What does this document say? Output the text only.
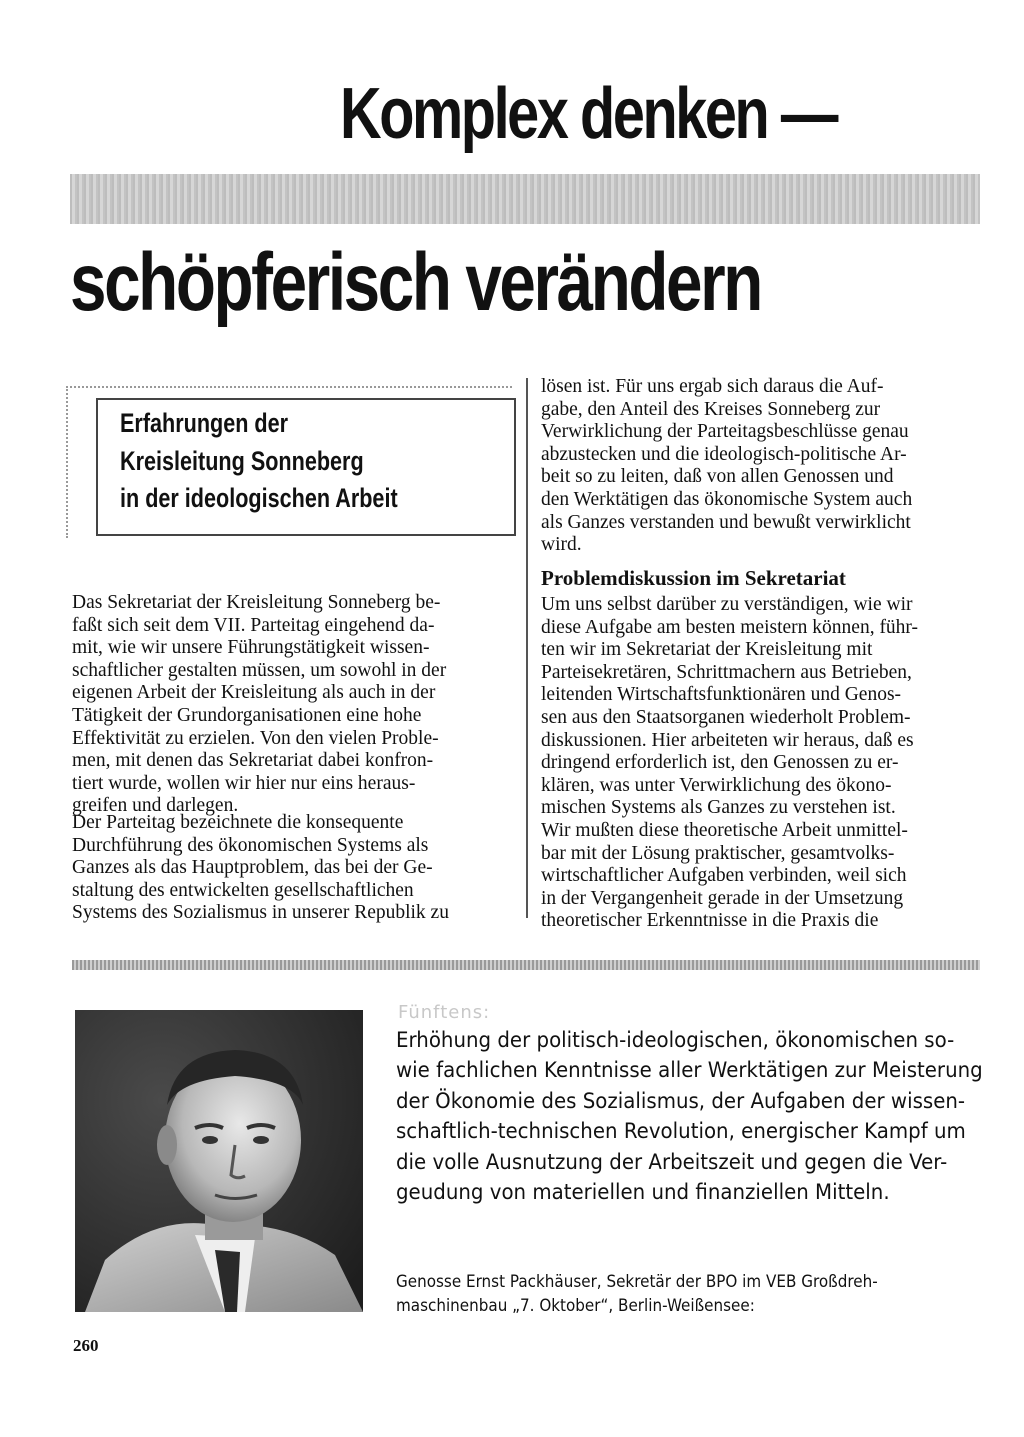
Komplex denken —
schöpferisch verändern
Erfahrungen der
Kreisleitung Sonneberg
in der ideologischen Arbeit
Das Sekretariat der Kreisleitung Sonneberg be-
faßt sich seit dem VII. Parteitag eingehend da-
mit, wie wir unsere Führungstätigkeit wissen-
schaftlicher gestalten müssen, um sowohl in der
eigenen Arbeit der Kreisleitung als auch in der
Tätigkeit der Grundorganisationen eine hohe
Effektivität zu erzielen. Von den vielen Proble-
men, mit denen das Sekretariat dabei konfron-
tiert wurde, wollen wir hier nur eins heraus-
greifen und darlegen.
Der Parteitag bezeichnete die konsequente
Durchführung des ökonomischen Systems als
Ganzes als das Hauptproblem, das bei der Ge-
staltung des entwickelten gesellschaftlichen
Systems des Sozialismus in unserer Republik zu
lösen ist. Für uns ergab sich daraus die Auf-
gabe, den Anteil des Kreises Sonneberg zur
Verwirklichung der Parteitagsbeschlüsse genau
abzustecken und die ideologisch-politische Ar-
beit so zu leiten, daß von allen Genossen und
den Werktätigen das ökonomische System auch
als Ganzes verstanden und bewußt verwirklicht
wird.
Problemdiskussion im Sekretariat
Um uns selbst darüber zu verständigen, wie wir
diese Aufgabe am besten meistern können, führ-
ten wir im Sekretariat der Kreisleitung mit
Parteisekretären, Schrittmachern aus Betrieben,
leitenden Wirtschaftsfunktionären und Genos-
sen aus den Staatsorganen wiederholt Problem-
diskussionen. Hier arbeiteten wir heraus, daß es
dringend erforderlich ist, den Genossen zu er-
klären, was unter Verwirklichung des ökono-
mischen Systems als Ganzes zu verstehen ist.
Wir mußten diese theoretische Arbeit unmittel-
bar mit der Lösung praktischer, gesamtvolks-
wirtschaftlicher Aufgaben verbinden, weil sich
in der Vergangenheit gerade in der Umsetzung
theoretischer Erkenntnisse in die Praxis die
Fünftens:
Erhöhung der politisch-ideologischen, ökonomischen so-
wie fachlichen Kenntnisse aller Werktätigen zur Meisterung
der Ökonomie des Sozialismus, der Aufgaben der wissen-
schaftlich-technischen Revolution, energischer Kampf um
die volle Ausnutzung der Arbeitszeit und gegen die Ver-
geudung von materiellen und finanziellen Mitteln.
Genosse Ernst Packhäuser, Sekretär der BPO im VEB Großdreh-
maschinenbau „7. Oktober“, Berlin-Weißensee:
260
